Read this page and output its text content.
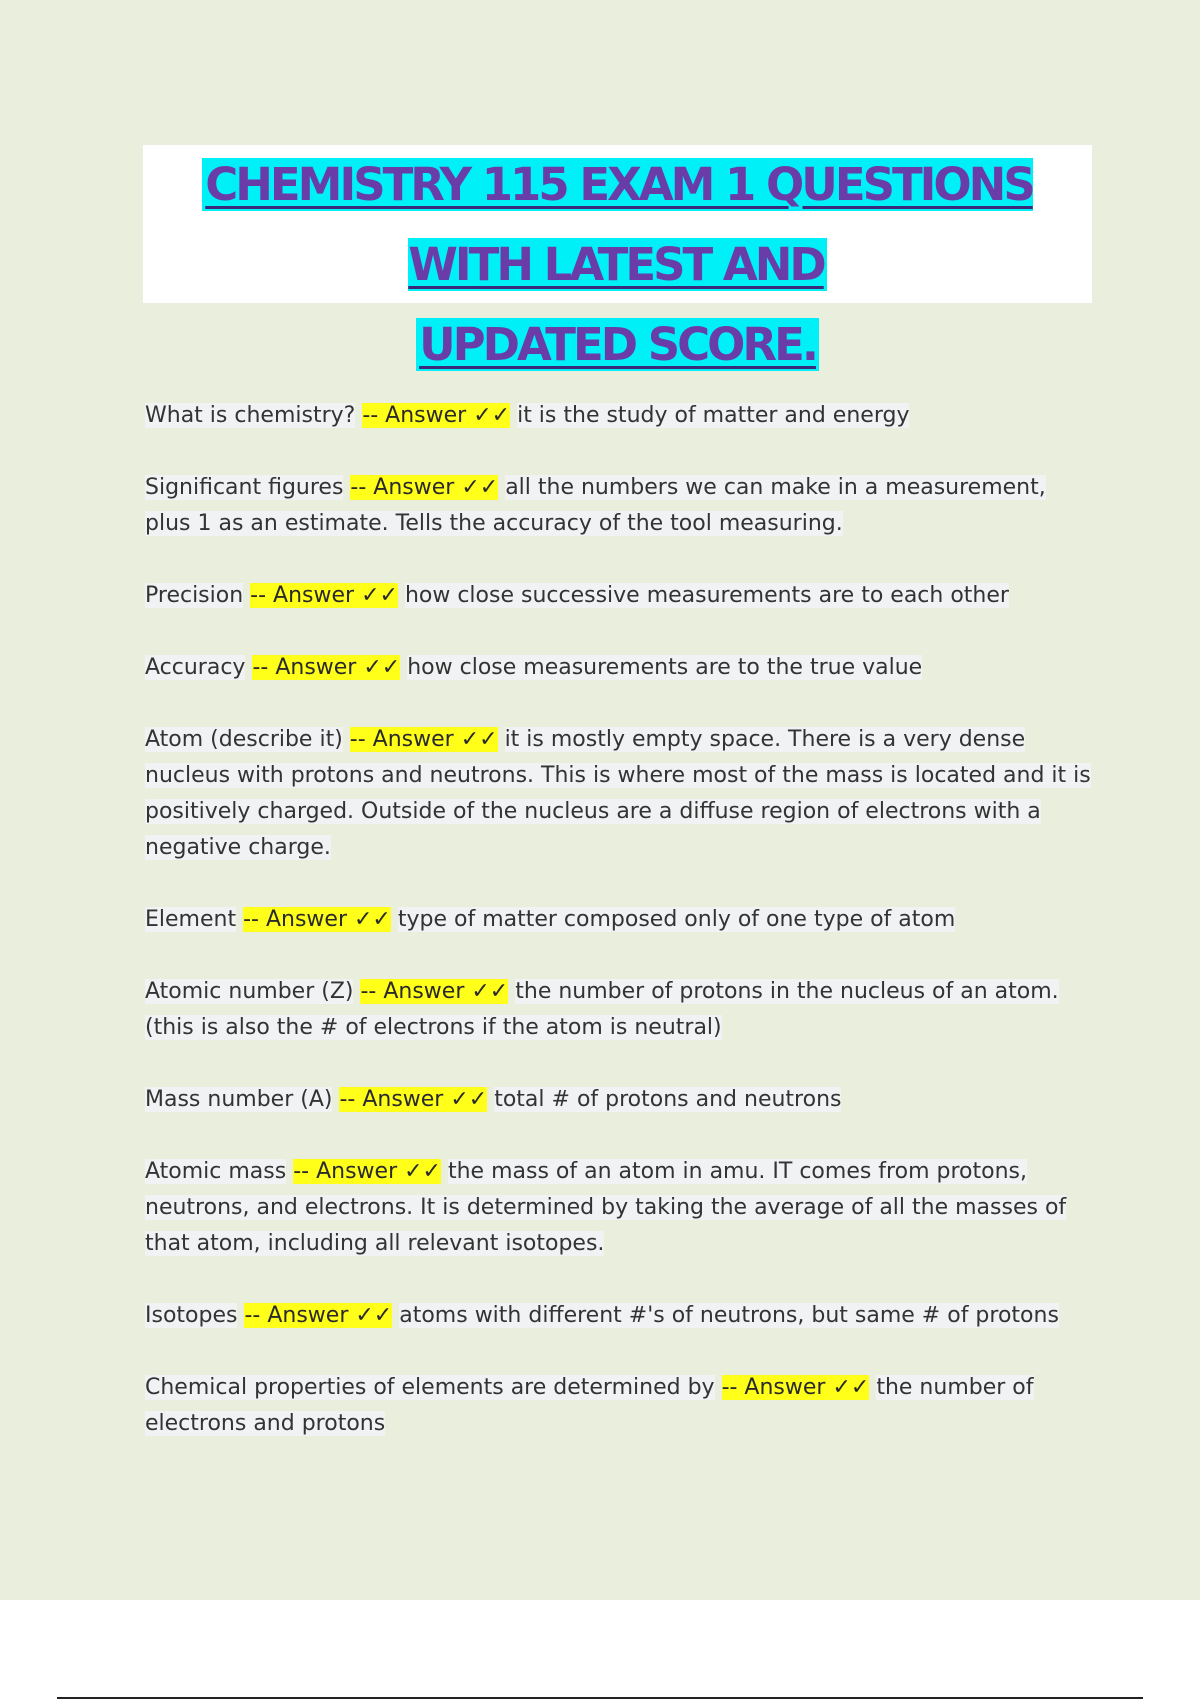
CHEMISTRY 115 EXAM 1 QUESTIONS WITH LATEST AND
UPDATED SCORE.

What is chemistry? -- Answer ✓✓ it is the study of matter and energy

Significant figures -- Answer ✓✓ all the numbers we can make in a measurement, plus 1 as an estimate. Tells the accuracy of the tool measuring.

Precision -- Answer ✓✓ how close successive measurements are to each other

Accuracy -- Answer ✓✓ how close measurements are to the true value

Atom (describe it) -- Answer ✓✓ it is mostly empty space. There is a very dense nucleus with protons and neutrons. This is where most of the mass is located and it is positively charged. Outside of the nucleus are a diffuse region of electrons with a negative charge.

Element -- Answer ✓✓ type of matter composed only of one type of atom

Atomic number (Z) -- Answer ✓✓ the number of protons in the nucleus of an atom. (this is also the # of electrons if the atom is neutral)

Mass number (A) -- Answer ✓✓ total # of protons and neutrons

Atomic mass -- Answer ✓✓ the mass of an atom in amu. IT comes from protons, neutrons, and electrons. It is determined by taking the average of all the masses of that atom, including all relevant isotopes.

Isotopes -- Answer ✓✓ atoms with different #'s of neutrons, but same # of protons

Chemical properties of elements are determined by -- Answer ✓✓ the number of electrons and protons
